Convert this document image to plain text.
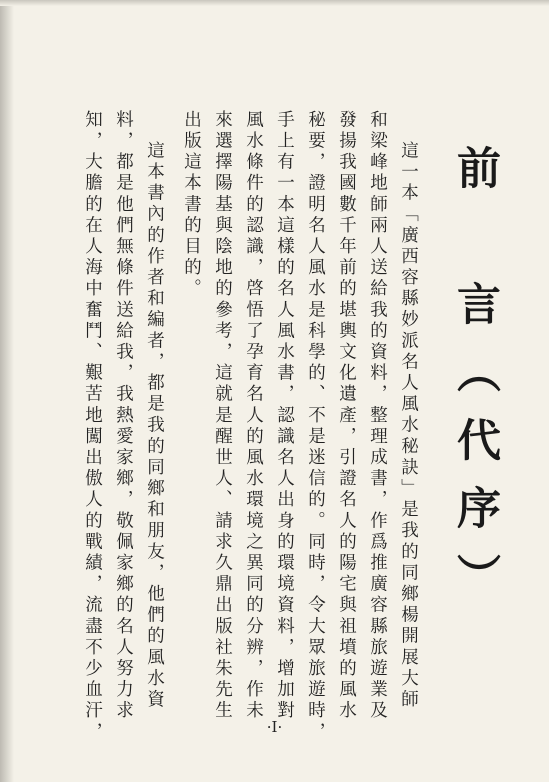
前　言（代序）
這一本「廣西容縣妙派名人風水秘訣」是我的同鄉楊開展大師
和梁峰地師兩人送給我的資料，整理成書，作爲推廣容縣旅遊業及
發揚我國數千年前的堪輿文化遺產，引證名人的陽宅與祖墳的風水
秘要，證明名人風水是科學的、不是迷信的。同時，令大眾旅遊時，
手上有一本這樣的名人風水書，認識名人出身的環境資料，增加對
風水條件的認識，啓悟了孕育名人的風水環境之異同的分辨，作未
來選擇陽基與陰地的參考，這就是醒世人、請求久鼎出版社朱先生
出版這本書的目的。
這本書內的作者和編者，都是我的同鄉和朋友，他們的風水資
料，都是他們無條件送給我，我熱愛家鄉，敬佩家鄉的名人努力求
知，大膽的在人海中奮鬥、艱苦地闖出傲人的戰績，流盡不少血汗，	·I·
